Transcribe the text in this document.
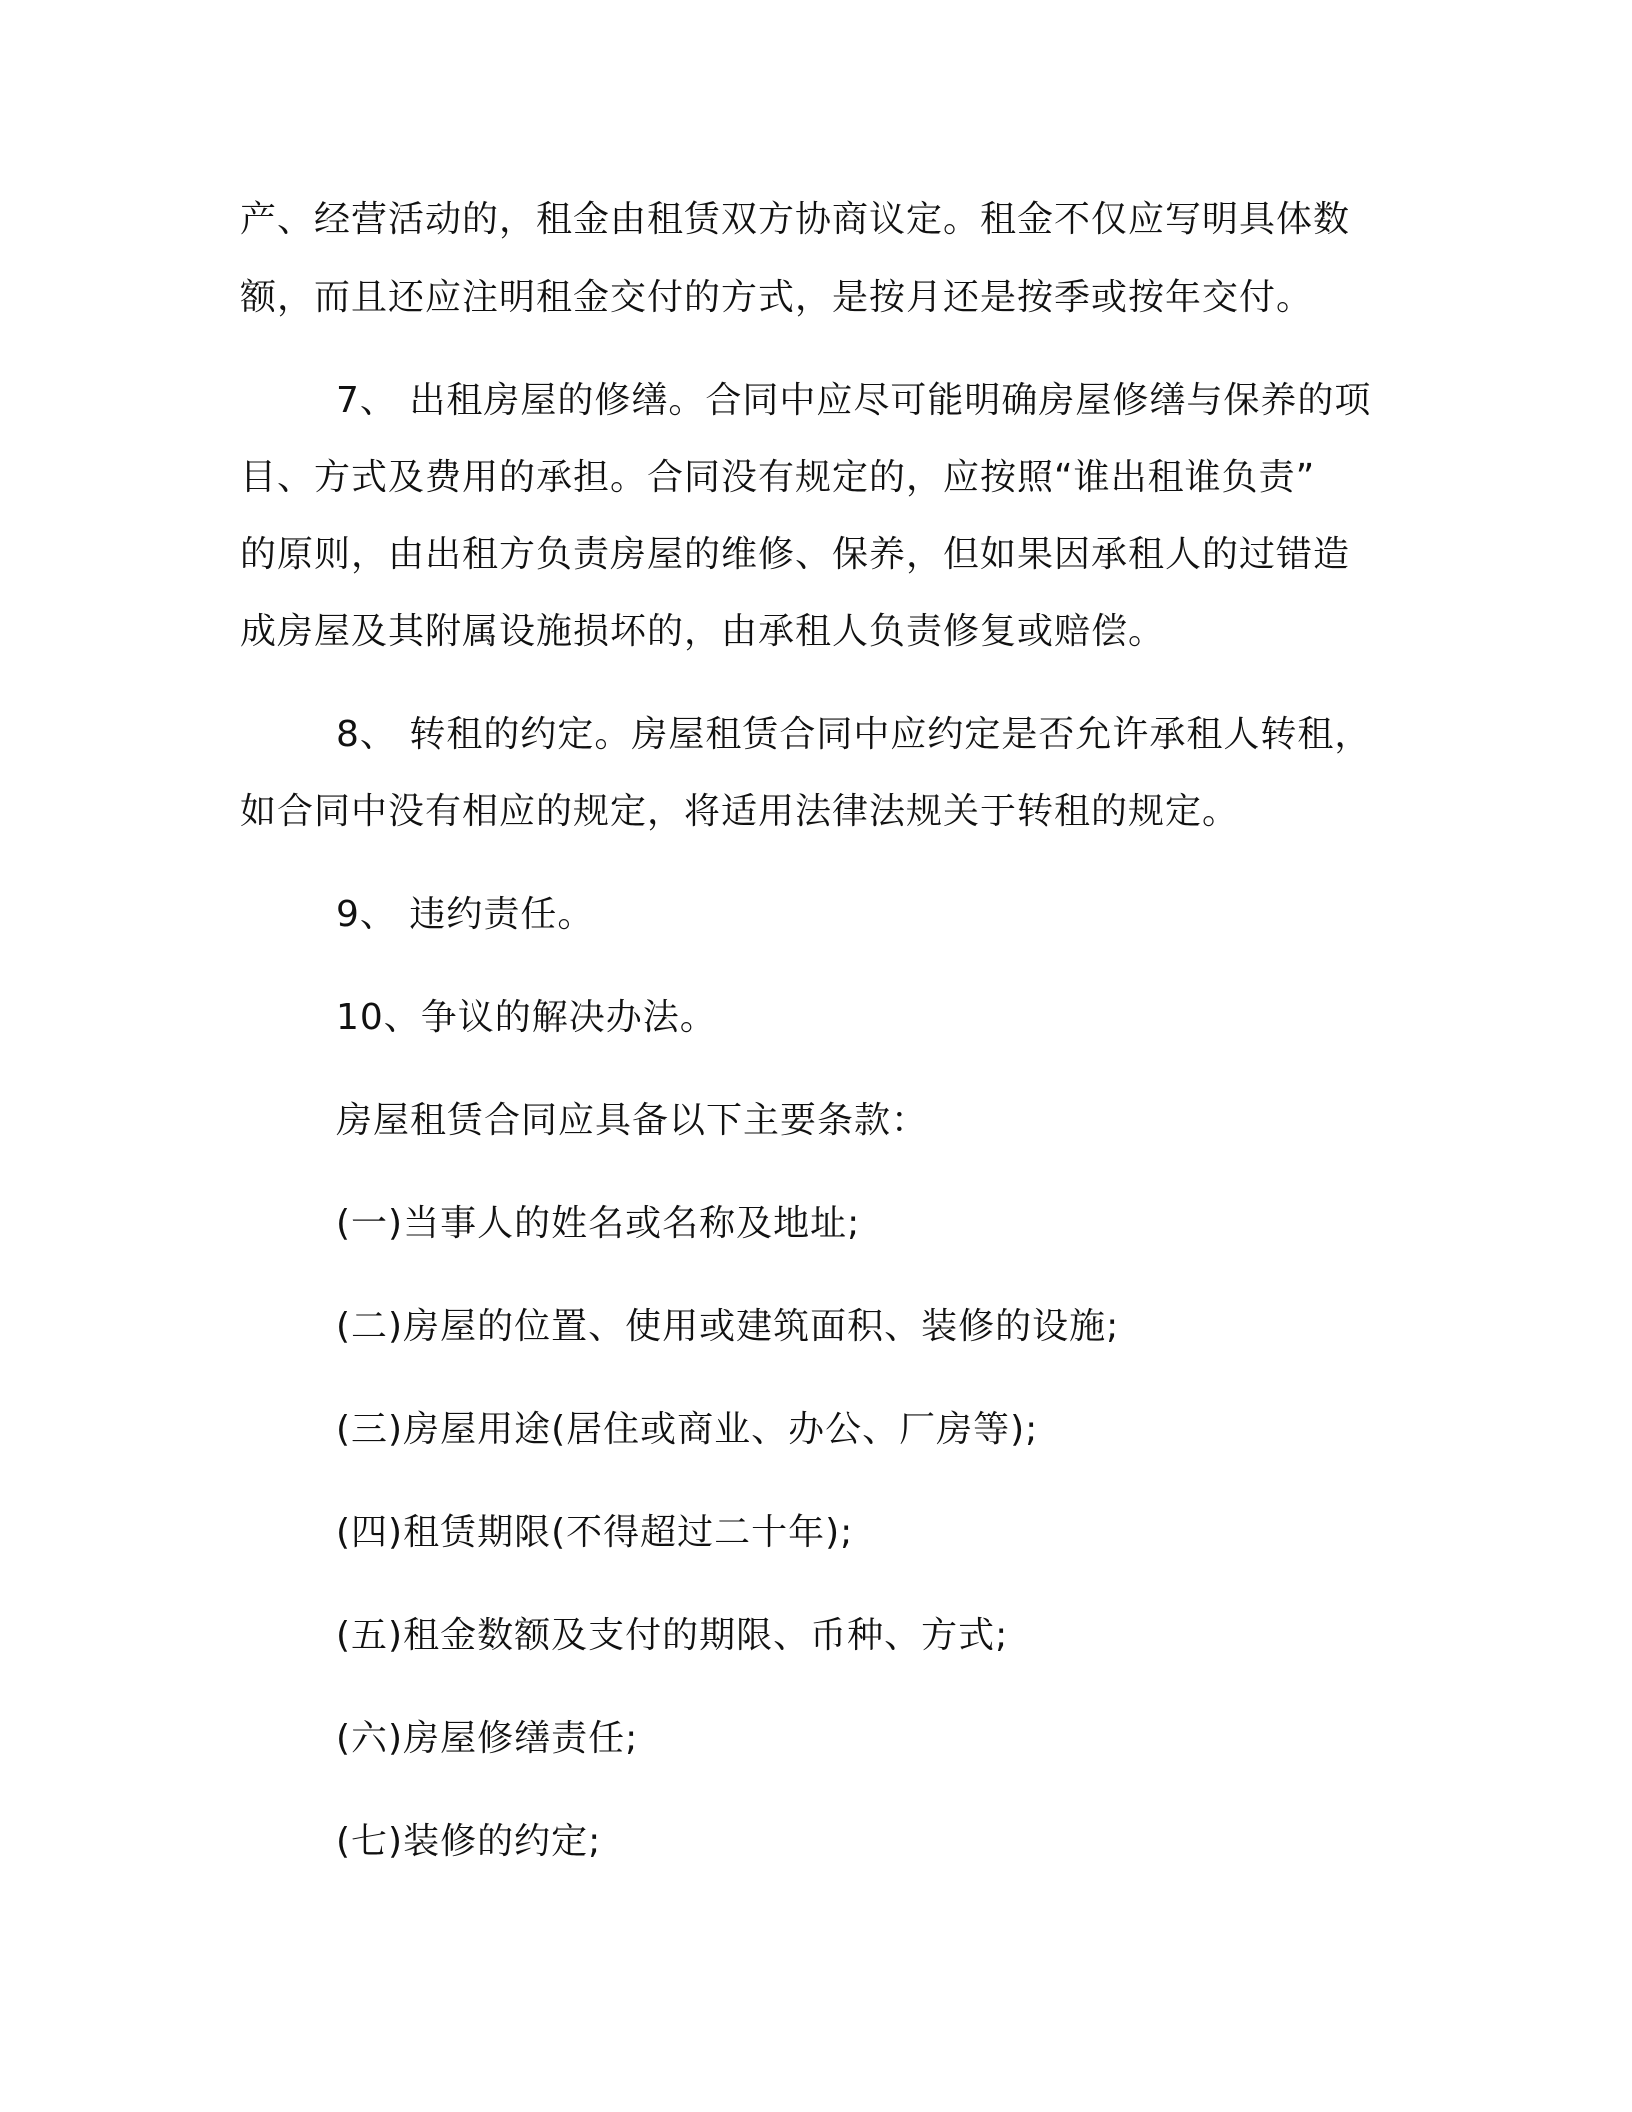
产、经营活动的，租金由租赁双方协商议定。租金不仅应写明具体数
额，而且还应注明租金交付的方式，是按月还是按季或按年交付。
7、 出租房屋的修缮。合同中应尽可能明确房屋修缮与保养的项
目、方式及费用的承担。合同没有规定的，应按照“谁出租谁负责”
的原则，由出租方负责房屋的维修、保养，但如果因承租人的过错造
成房屋及其附属设施损坏的，由承租人负责修复或赔偿。
8、 转租的约定。房屋租赁合同中应约定是否允许承租人转租，
如合同中没有相应的规定，将适用法律法规关于转租的规定。
9、 违约责任。
10、争议的解决办法。
房屋租赁合同应具备以下主要条款：
(一)当事人的姓名或名称及地址;
(二)房屋的位置、使用或建筑面积、装修的设施;
(三)房屋用途(居住或商业、办公、厂房等);
(四)租赁期限(不得超过二十年);
(五)租金数额及支付的期限、币种、方式;
(六)房屋修缮责任;
(七)装修的约定;
